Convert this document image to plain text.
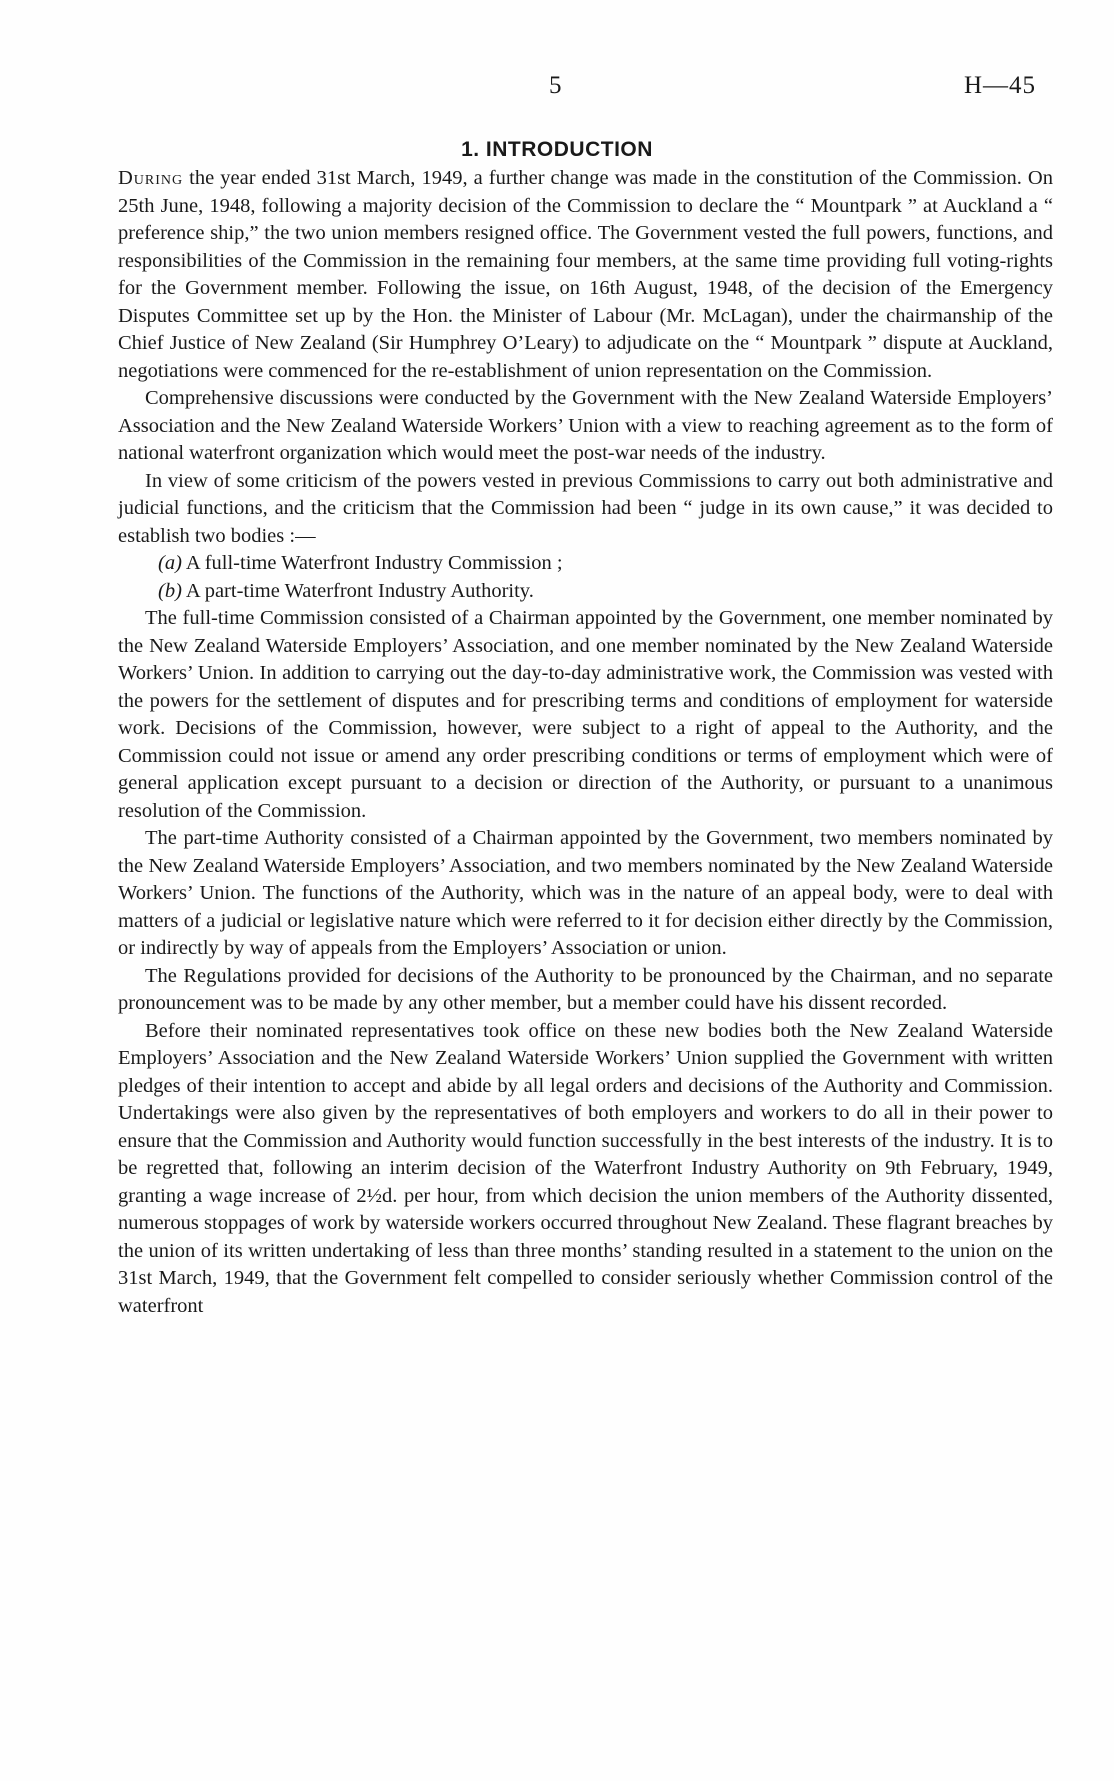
5	H—45
1. INTRODUCTION

During the year ended 31st March, 1949, a further change was made in the constitution of the Commission. On 25th June, 1948, following a majority decision of the Commission to declare the “ Mountpark ” at Auckland a “ preference ship,” the two union members resigned office. The Government vested the full powers, functions, and responsibilities of the Commission in the remaining four members, at the same time providing full voting-rights for the Government member. Following the issue, on 16th August, 1948, of the decision of the Emergency Disputes Committee set up by the Hon. the Minister of Labour (Mr. McLagan), under the chairmanship of the Chief Justice of New Zealand (Sir Humphrey O’Leary) to adjudicate on the “ Mountpark ” dispute at Auckland, negotiations were commenced for the re-establishment of union representation on the Commission.

Comprehensive discussions were conducted by the Government with the New Zealand Waterside Employers’ Association and the New Zealand Waterside Workers’ Union with a view to reaching agreement as to the form of national waterfront organization which would meet the post-war needs of the industry.

In view of some criticism of the powers vested in previous Commissions to carry out both administrative and judicial functions, and the criticism that the Commission had been “ judge in its own cause,” it was decided to establish two bodies :—

(a) A full-time Waterfront Industry Commission ;

(b) A part-time Waterfront Industry Authority.

The full-time Commission consisted of a Chairman appointed by the Government, one member nominated by the New Zealand Waterside Employers’ Association, and one member nominated by the New Zealand Waterside Workers’ Union. In addition to carrying out the day-to-day administrative work, the Commission was vested with the powers for the settlement of disputes and for prescribing terms and conditions of employment for waterside work. Decisions of the Commission, however, were subject to a right of appeal to the Authority, and the Commission could not issue or amend any order prescribing conditions or terms of employment which were of general application except pursuant to a decision or direction of the Authority, or pursuant to a unanimous resolution of the Commission.

The part-time Authority consisted of a Chairman appointed by the Government, two members nominated by the New Zealand Waterside Employers’ Association, and two members nominated by the New Zealand Waterside Workers’ Union. The functions of the Authority, which was in the nature of an appeal body, were to deal with matters of a judicial or legislative nature which were referred to it for decision either directly by the Commission, or indirectly by way of appeals from the Employers’ Association or union.

The Regulations provided for decisions of the Authority to be pronounced by the Chairman, and no separate pronouncement was to be made by any other member, but a member could have his dissent recorded.

Before their nominated representatives took office on these new bodies both the New Zealand Waterside Employers’ Association and the New Zealand Waterside Workers’ Union supplied the Government with written pledges of their intention to accept and abide by all legal orders and decisions of the Authority and Commission. Undertakings were also given by the representatives of both employers and workers to do all in their power to ensure that the Commission and Authority would function successfully in the best interests of the industry. It is to be regretted that, following an interim decision of the Waterfront Industry Authority on 9th February, 1949, granting a wage increase of 2½d. per hour, from which decision the union members of the Authority dissented, numerous stoppages of work by waterside workers occurred throughout New Zealand. These flagrant breaches by the union of its written undertaking of less than three months’ standing resulted in a statement to the union on the 31st March, 1949, that the Government felt compelled to consider seriously whether Commission control of the waterfront
